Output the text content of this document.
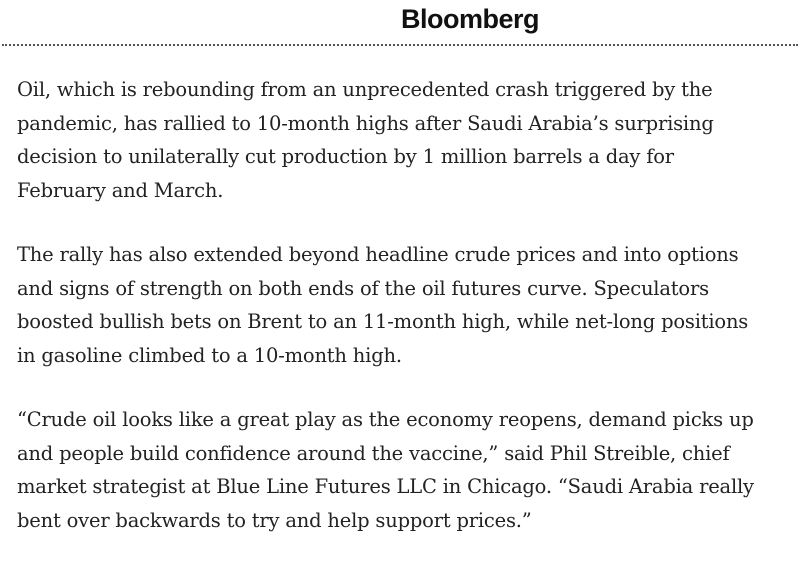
Bloomberg

Oil, which is rebounding from an unprecedented crash triggered by the
pandemic, has rallied to 10-month highs after Saudi Arabia’s surprising
decision to unilaterally cut production by 1 million barrels a day for
February and March.

The rally has also extended beyond headline crude prices and into options
and signs of strength on both ends of the oil futures curve. Speculators
boosted bullish bets on Brent to an 11-month high, while net-long positions
in gasoline climbed to a 10-month high.

“Crude oil looks like a great play as the economy reopens, demand picks up
and people build confidence around the vaccine,” said Phil Streible, chief
market strategist at Blue Line Futures LLC in Chicago. “Saudi Arabia really
bent over backwards to try and help support prices.”
